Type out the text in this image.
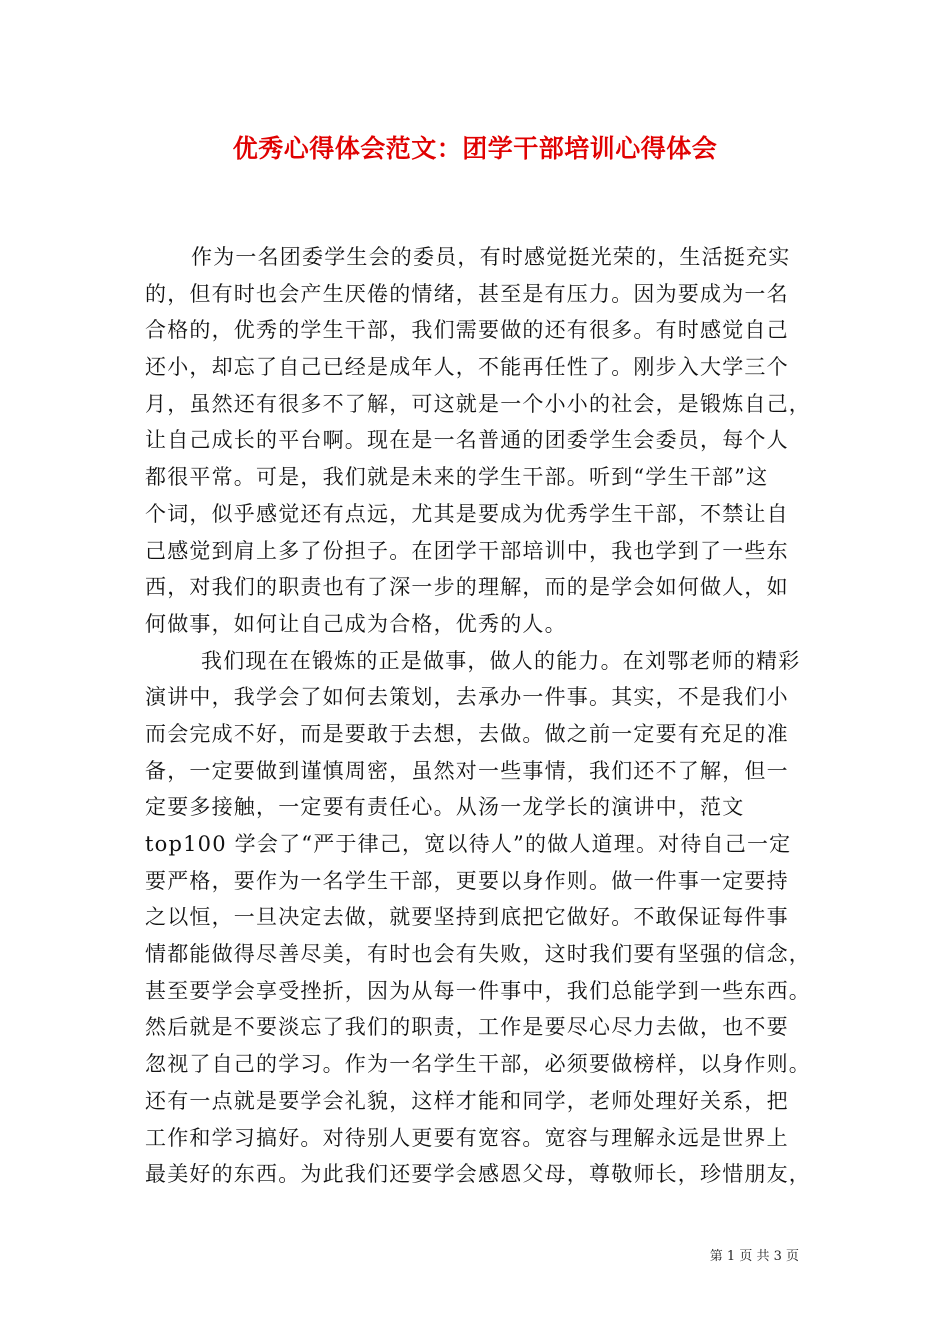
优秀心得体会范文：团学干部培训心得体会
作为一名团委学生会的委员，有时感觉挺光荣的，生活挺充实
的，但有时也会产生厌倦的情绪，甚至是有压力。因为要成为一名
合格的，优秀的学生干部，我们需要做的还有很多。有时感觉自己
还小，却忘了自己已经是成年人，不能再任性了。刚步入大学三个
月，虽然还有很多不了解，可这就是一个小小的社会，是锻炼自己，
让自己成长的平台啊。现在是一名普通的团委学生会委员，每个人
都很平常。可是，我们就是未来的学生干部。听到“学生干部”这
个词，似乎感觉还有点远，尤其是要成为优秀学生干部，不禁让自
己感觉到肩上多了份担子。在团学干部培训中，我也学到了一些东
西，对我们的职责也有了深一步的理解，而的是学会如何做人，如
何做事，如何让自己成为合格，优秀的人。
我们现在在锻炼的正是做事，做人的能力。在刘鄂老师的精彩
演讲中，我学会了如何去策划，去承办一件事。其实，不是我们小
而会完成不好，而是要敢于去想，去做。做之前一定要有充足的准
备，一定要做到谨慎周密，虽然对一些事情，我们还不了解，但一
定要多接触，一定要有责任心。从汤一龙学长的演讲中，范文
top100 学会了“严于律己，宽以待人”的做人道理。对待自己一定
要严格，要作为一名学生干部，更要以身作则。做一件事一定要持
之以恒，一旦决定去做，就要坚持到底把它做好。不敢保证每件事
情都能做得尽善尽美，有时也会有失败，这时我们要有坚强的信念，
甚至要学会享受挫折，因为从每一件事中，我们总能学到一些东西。
然后就是不要淡忘了我们的职责，工作是要尽心尽力去做，也不要
忽视了自己的学习。作为一名学生干部，必须要做榜样，以身作则。
还有一点就是要学会礼貌，这样才能和同学，老师处理好关系，把
工作和学习搞好。对待别人更要有宽容。宽容与理解永远是世界上
最美好的东西。为此我们还要学会感恩父母，尊敬师长，珍惜朋友，
第 1 页 共 3 页
